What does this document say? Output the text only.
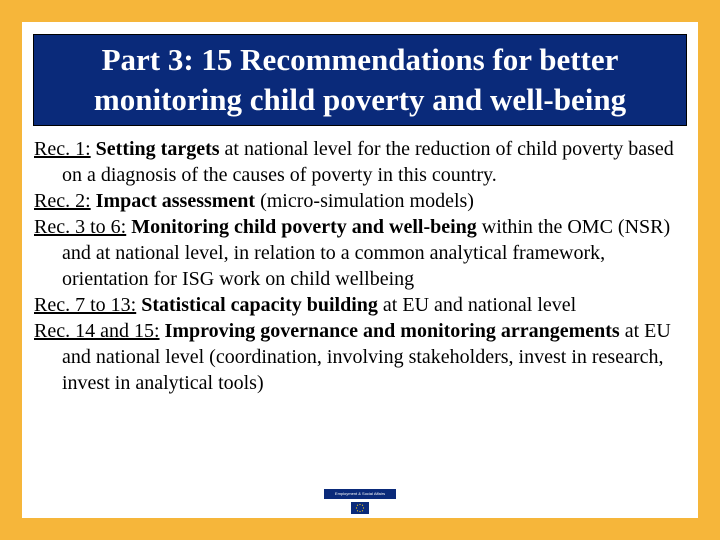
Part 3: 15 Recommendations for better
monitoring child poverty and well-being

Rec. 1: Setting targets at national level for the reduction of child poverty based on a diagnosis of the causes of poverty in this country.

Rec. 2: Impact assessment (micro-simulation models)

Rec. 3 to 6: Monitoring child poverty and well-being within the OMC (NSR) and at national level, in relation to a common analytical framework, orientation for ISG work on child wellbeing

Rec. 7 to 13: Statistical capacity building at EU and national level

Rec. 14 and 15: Improving governance and monitoring arrangements at EU and national level (coordination, involving stakeholders, invest in research, invest in analytical tools)

Employment & Social Affairs
